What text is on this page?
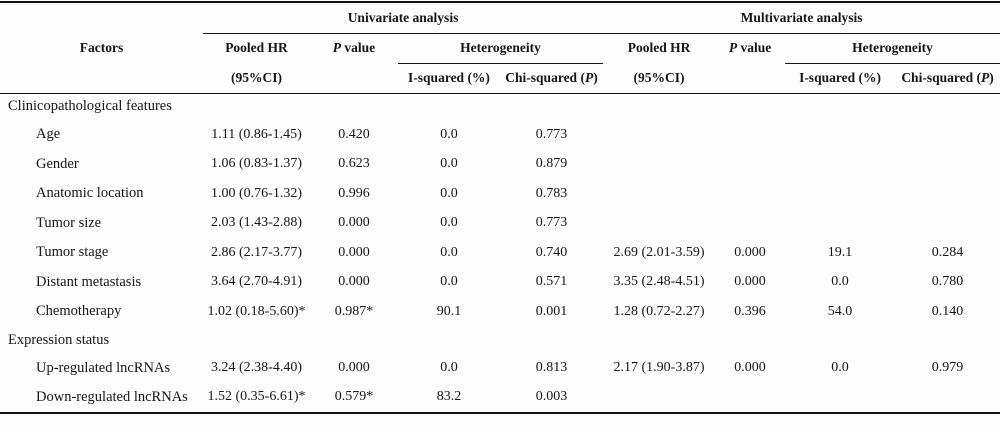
Factors	Univariate analysis				Multivariate analysis			
	Pooled HR	P value	Heterogeneity		Pooled HR	P value	Heterogeneity	
	(95%CI)		I-squared (%)	Chi-squared (P)	(95%CI)		I-squared (%)	Chi-squared (P)
Clinicopathological features								
Age	1.11 (0.86-1.45)	0.420	0.0	0.773				
Gender	1.06 (0.83-1.37)	0.623	0.0	0.879				
Anatomic location	1.00 (0.76-1.32)	0.996	0.0	0.783				
Tumor size	2.03 (1.43-2.88)	0.000	0.0	0.773				
Tumor stage	2.86 (2.17-3.77)	0.000	0.0	0.740	2.69 (2.01-3.59)	0.000	19.1	0.284
Distant metastasis	3.64 (2.70-4.91)	0.000	0.0	0.571	3.35 (2.48-4.51)	0.000	0.0	0.780
Chemotherapy	1.02 (0.18-5.60)*	0.987*	90.1	0.001	1.28 (0.72-2.27)	0.396	54.0	0.140
Expression status								
Up-regulated lncRNAs	3.24 (2.38-4.40)	0.000	0.0	0.813	2.17 (1.90-3.87)	0.000	0.0	0.979
Down-regulated lncRNAs	1.52 (0.35-6.61)*	0.579*	83.2	0.003				
